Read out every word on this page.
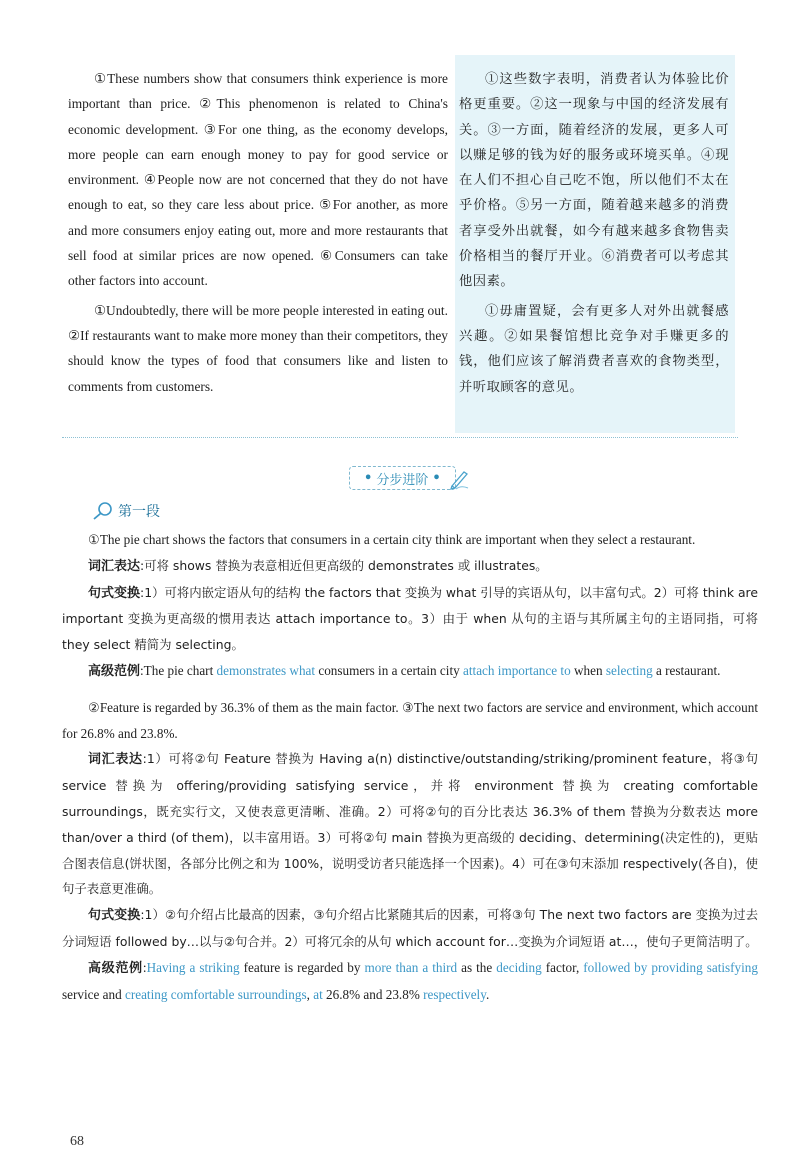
①These numbers show that consumers think experience is more important than price. ②This phenomenon is related to China's economic development. ③For one thing, as the economy develops, more people can earn enough money to pay for good service or environment. ④People now are not concerned that they do not have enough to eat, so they care less about price. ⑤For another, as more and more consumers enjoy eating out, more and more restaurants that sell food at similar prices are now opened. ⑥Consumers can take other factors into account.

①Undoubtedly, there will be more people interested in eating out. ②If restaurants want to make more money than their competitors, they should know the types of food that consumers like and listen to comments from customers.

①这些数字表明，消费者认为体验比价格更重要。②这一现象与中国的经济发展有关。③一方面，随着经济的发展，更多人可以赚足够的钱为好的服务或环境买单。④现在人们不担心自己吃不饱，所以他们不太在乎价格。⑤另一方面，随着越来越多的消费者享受外出就餐，如今有越来越多食物售卖价格相当的餐厅开业。⑥消费者可以考虑其他因素。

①毋庸置疑，会有更多人对外出就餐感兴趣。②如果餐馆想比竞争对手赚更多的钱，他们应该了解消费者喜欢的食物类型，并听取顾客的意见。

• 分步进阶 •
第一段

①The pie chart shows the factors that consumers in a certain city think are important when they select a restaurant.

词汇表达:可将 shows 替换为表意相近但更高级的 demonstrates 或 illustrates。

句式变换:1）可将内嵌定语从句的结构 the factors that 变换为 what 引导的宾语从句，以丰富句式。2）可将 think are important 变换为更高级的惯用表达 attach importance to。3）由于 when 从句的主语与其所属主句的主语同指，可将 they select 精简为 selecting。

高级范例:The pie chart demonstrates what consumers in a certain city attach importance to when selecting a restaurant.

②Feature is regarded by 36.3% of them as the main factor. ③The next two factors are service and environment, which account for 26.8% and 23.8%.

词汇表达:1）可将②句 Feature 替换为 Having a(n) distinctive/outstanding/striking/prominent feature，将③句 service 替换为 offering/providing satisfying service，并将 environment 替换为 creating comfortable surroundings，既充实行文，又使表意更清晰、准确。2）可将②句的百分比表达 36.3% of them 替换为分数表达 more than/over a third (of them)，以丰富用语。3）可将②句 main 替换为更高级的 deciding、determining(决定性的)，更贴合图表信息(饼状图，各部分比例之和为 100%，说明受访者只能选择一个因素)。4）可在③句末添加 respectively(各自)，使句子表意更准确。

句式变换:1）②句介绍占比最高的因素，③句介绍占比紧随其后的因素，可将③句 The next two factors are 变换为过去分词短语 followed by…以与②句合并。2）可将冗余的从句 which account for…变换为介词短语 at…，使句子更简洁明了。

高级范例:Having a striking feature is regarded by more than a third as the deciding factor, followed by providing satisfying service and creating comfortable surroundings, at 26.8% and 23.8% respectively.

68
